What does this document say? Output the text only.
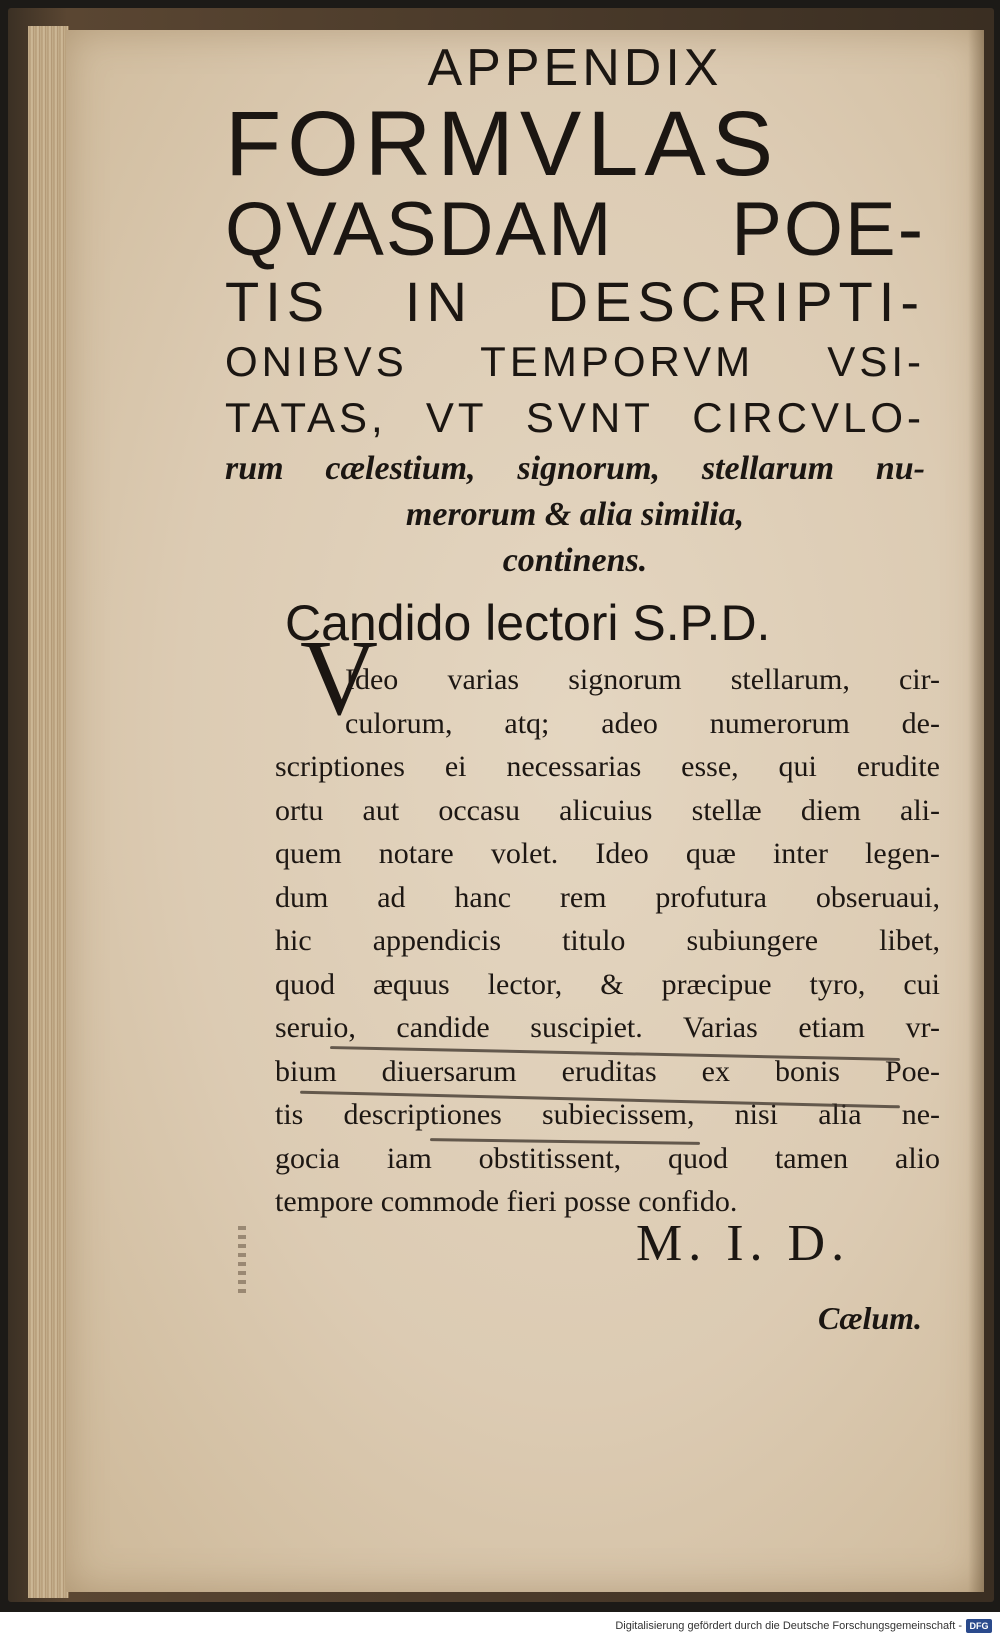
APPENDIX

FORMVLAS

QVASDAM POE-

TIS IN DESCRIPTI-

ONIBVS TEMPORVM VSI-

TATAS, VT SVNT CIRCVLO-

rum cælestium, signorum, stellarum nu-

merorum & alia similia,

continens.

Candido lectori S.P.D.
V

Ideo varias signorum stellarum, cir-

culorum, atq; adeo numerorum de-

scriptiones ei necessarias esse, qui erudite

ortu aut occasu alicuius stellæ diem ali-

quem notare volet. Ideo quæ inter legen-

dum ad hanc rem profutura obseruaui,

hic appendicis titulo subiungere libet,

quod æquus lector, & præcipue tyro, cui

seruio, candide suscipiet. Varias etiam vr-

bium diuersarum eruditas ex bonis Poe-

tis descriptiones subiecissem, nisi alia ne-

gocia iam obstitissent, quod tamen alio

tempore commode fieri posse confido.

M. I. D.
Cælum.
Digitalisierung gefördert durch die Deutsche Forschungsgemeinschaft - DFG
